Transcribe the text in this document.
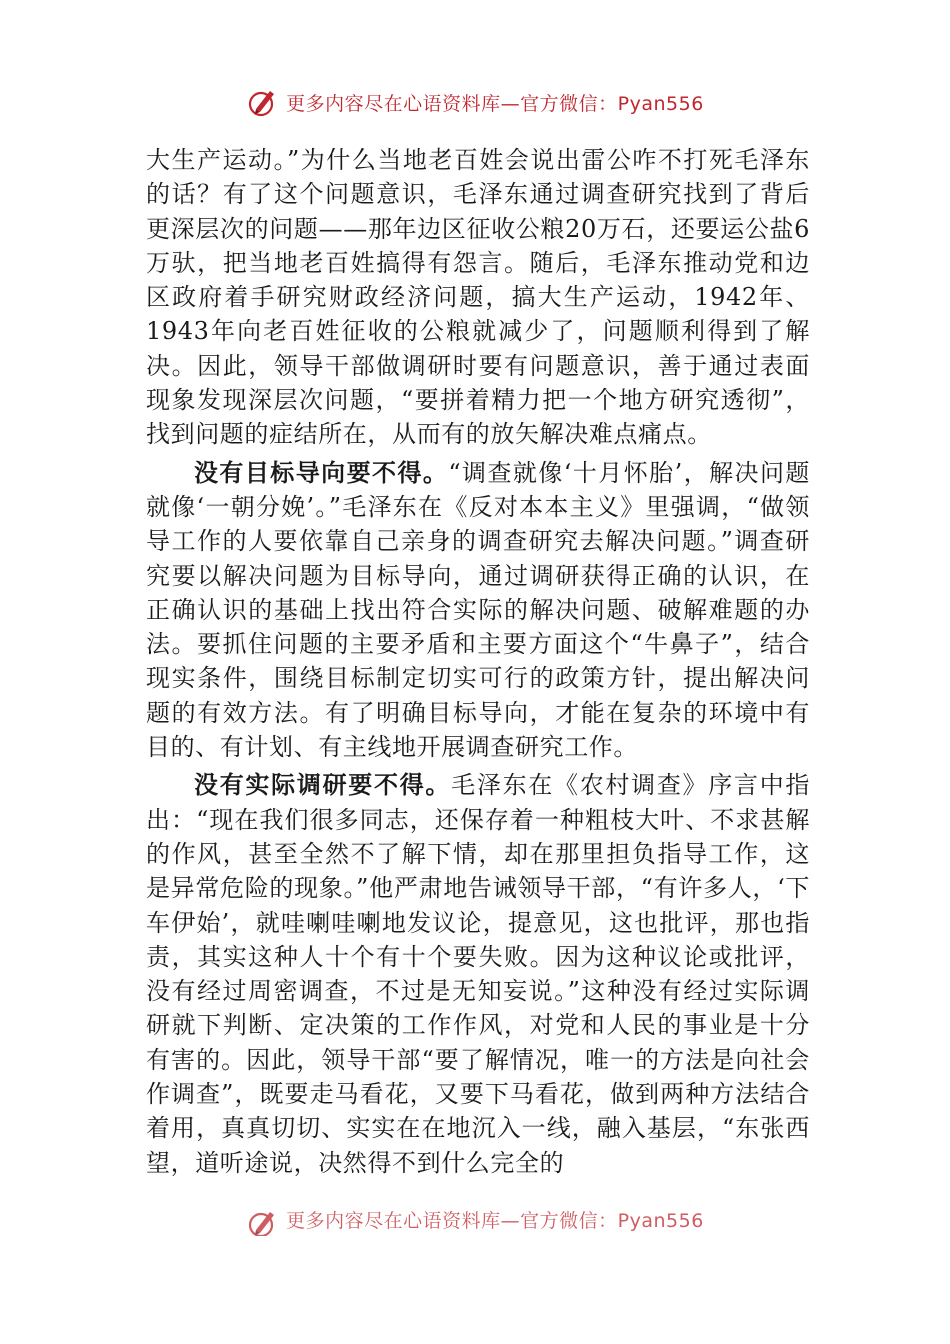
更多内容尽在心语资料库—官方微信：Pyan556

大生产运动。”为什么当地老百姓会说出雷公咋不打死毛泽东的话？有了这个问题意识，毛泽东通过调查研究找到了背后更深层次的问题——那年边区征收公粮20万石，还要运公盐6万驮，把当地老百姓搞得有怨言。随后，毛泽东推动党和边区政府着手研究财政经济问题，搞大生产运动，1942年、1943年向老百姓征收的公粮就减少了，问题顺利得到了解决。因此，领导干部做调研时要有问题意识，善于通过表面现象发现深层次问题，“要拼着精力把一个地方研究透彻”，找到问题的症结所在，从而有的放矢解决难点痛点。

没有目标导向要不得。“调查就像‘十月怀胎’，解决问题就像‘一朝分娩’。”毛泽东在《反对本本主义》里强调，“做领导工作的人要依靠自己亲身的调查研究去解决问题。”调查研究要以解决问题为目标导向，通过调研获得正确的认识，在正确认识的基础上找出符合实际的解决问题、破解难题的办法。要抓住问题的主要矛盾和主要方面这个“牛鼻子”，结合现实条件，围绕目标制定切实可行的政策方针，提出解决问题的有效方法。有了明确目标导向，才能在复杂的环境中有目的、有计划、有主线地开展调查研究工作。

没有实际调研要不得。毛泽东在《农村调查》序言中指出：“现在我们很多同志，还保存着一种粗枝大叶、不求甚解的作风，甚至全然不了解下情，却在那里担负指导工作，这是异常危险的现象。”他严肃地告诫领导干部，“有许多人，‘下车伊始’，就哇喇哇喇地发议论，提意见，这也批评，那也指责，其实这种人十个有十个要失败。因为这种议论或批评，没有经过周密调查，不过是无知妄说。”这种没有经过实际调研就下判断、定决策的工作作风，对党和人民的事业是十分有害的。因此，领导干部“要了解情况，唯一的方法是向社会作调查”，既要走马看花，又要下马看花，做到两种方法结合着用，真真切切、实实在在地沉入一线，融入基层，“东张西望，道听途说，决然得不到什么完全的

更多内容尽在心语资料库—官方微信：Pyan556
